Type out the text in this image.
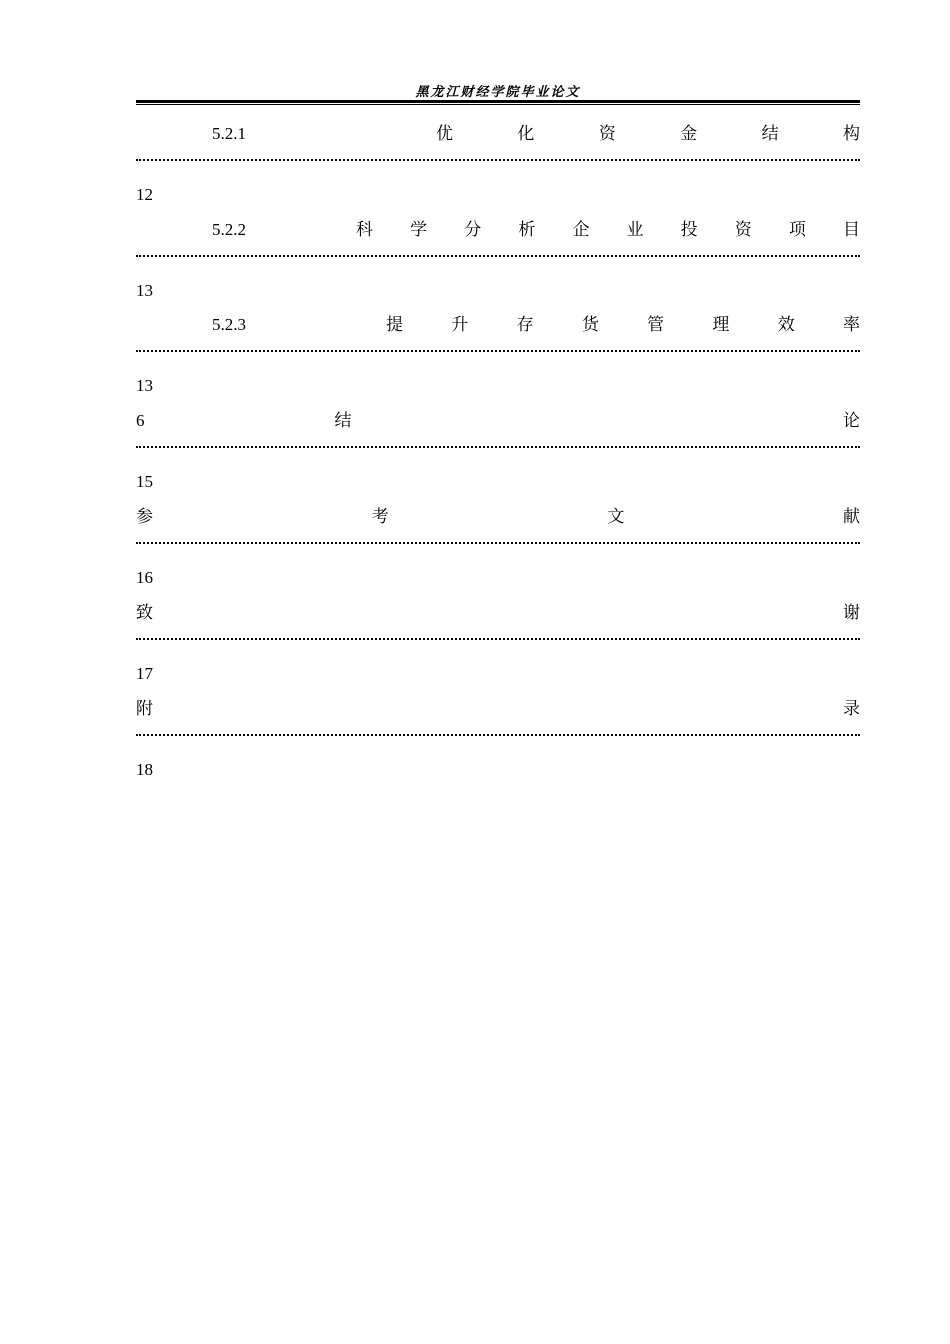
黑龙江财经学院毕业论文
5.2.1	优	化	资	金	结	构
12
5.2.2	科 学 分 析 企 业 投 资 项 目
13
5.2.3	提	升	存	货	管	理	效	率
13
6	结	论
15
参	考	文	献
16
致	谢
17
附	录
18
